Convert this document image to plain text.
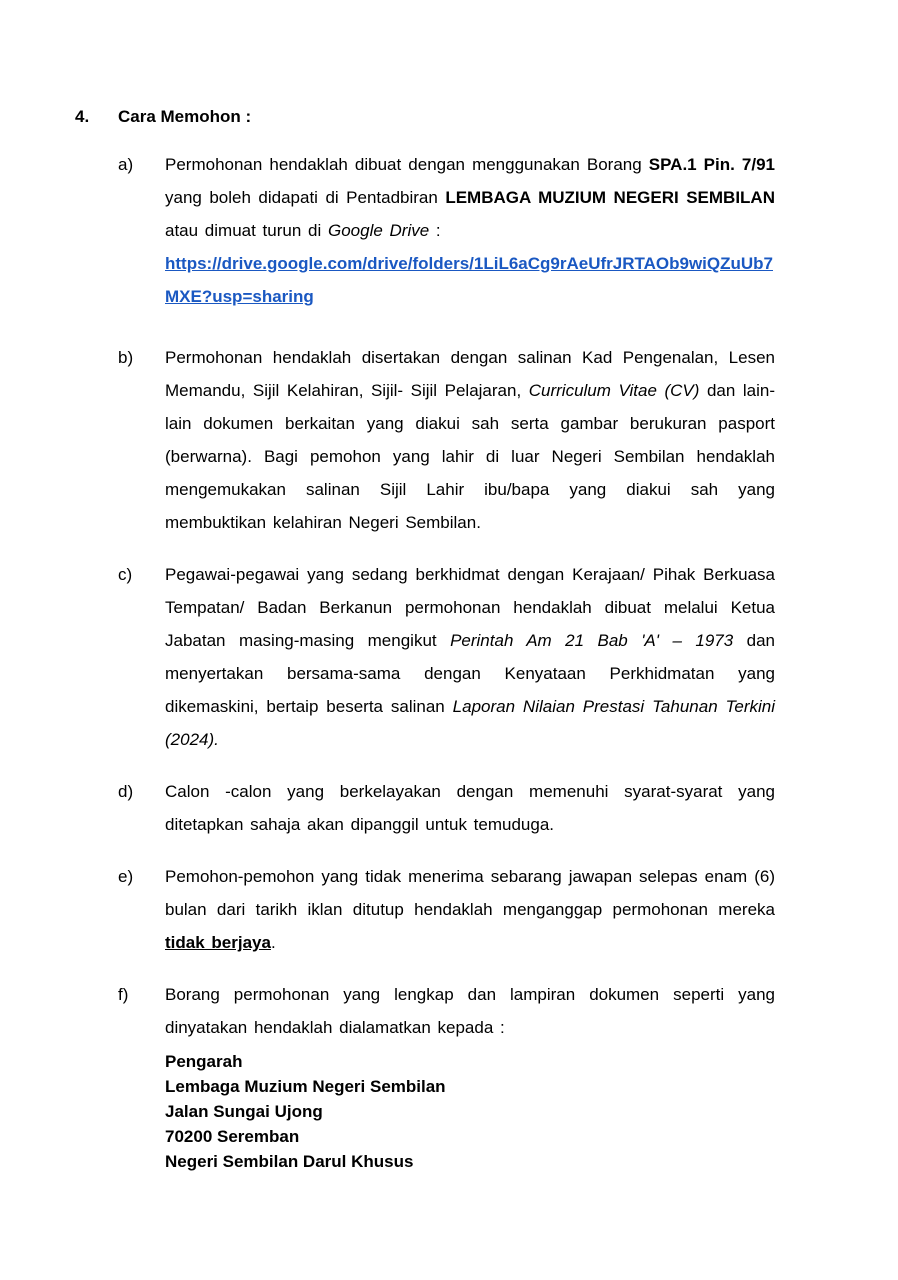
4. Cara Memohon :
a)	Permohonan hendaklah dibuat dengan menggunakan Borang SPA.1 Pin. 7/91 yang boleh didapati di Pentadbiran LEMBAGA MUZIUM NEGERI SEMBILAN atau dimuat turun di Google Drive :

https://drive.google.com/drive/folders/1LiL6aCg9rAeUfrJRTAOb9wiQZuUb7MXE?usp=sharing

b)	Permohonan hendaklah disertakan dengan salinan Kad Pengenalan, Lesen Memandu, Sijil Kelahiran, Sijil- Sijil Pelajaran, Curriculum Vitae (CV) dan lain-lain dokumen berkaitan yang diakui sah serta gambar berukuran pasport (berwarna). Bagi pemohon yang lahir di luar Negeri Sembilan hendaklah mengemukakan salinan Sijil Lahir ibu/bapa yang diakui sah yang membuktikan kelahiran Negeri Sembilan.

c)	Pegawai-pegawai yang sedang berkhidmat dengan Kerajaan/ Pihak Berkuasa Tempatan/ Badan Berkanun permohonan hendaklah dibuat melalui Ketua Jabatan masing-masing mengikut Perintah Am 21 Bab 'A' – 1973 dan menyertakan bersama-sama dengan Kenyataan Perkhidmatan yang dikemaskini, bertaip beserta salinan Laporan Nilaian Prestasi Tahunan Terkini (2024).

d)	Calon -calon yang berkelayakan dengan memenuhi syarat-syarat yang ditetapkan sahaja akan dipanggil untuk temuduga.

e)	Pemohon-pemohon yang tidak menerima sebarang jawapan selepas enam (6) bulan dari tarikh iklan ditutup hendaklah menganggap permohonan mereka tidak berjaya.

f)	Borang permohonan yang lengkap dan lampiran dokumen seperti yang dinyatakan hendaklah dialamatkan kepada :

Pengarah
Lembaga Muzium Negeri Sembilan
Jalan Sungai Ujong
70200 Seremban
Negeri Sembilan Darul Khusus
